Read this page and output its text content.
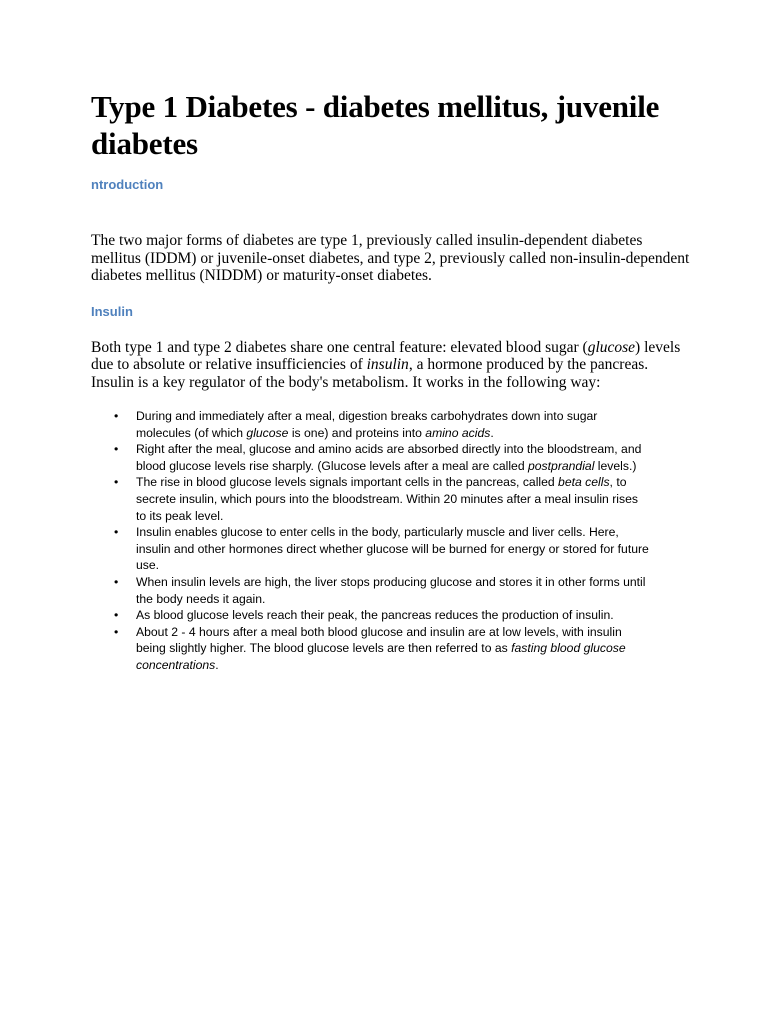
Type 1 Diabetes - diabetes mellitus, juvenile diabetes
ntroduction

The two major forms of diabetes are type 1, previously called insulin-dependent diabetes mellitus (IDDM) or juvenile-onset diabetes, and type 2, previously called non-insulin-dependent diabetes mellitus (NIDDM) or maturity-onset diabetes.

Insulin

Both type 1 and type 2 diabetes share one central feature: elevated blood sugar (glucose) levels due to absolute or relative insufficiencies of insulin, a hormone produced by the pancreas. Insulin is a key regulator of the body's metabolism. It works in the following way:

• During and immediately after a meal, digestion breaks carbohydrates down into sugar molecules (of which glucose is one) and proteins into amino acids.
• Right after the meal, glucose and amino acids are absorbed directly into the bloodstream, and blood glucose levels rise sharply. (Glucose levels after a meal are called postprandial levels.)
• The rise in blood glucose levels signals important cells in the pancreas, called beta cells, to secrete insulin, which pours into the bloodstream. Within 20 minutes after a meal insulin rises to its peak level.
• Insulin enables glucose to enter cells in the body, particularly muscle and liver cells. Here, insulin and other hormones direct whether glucose will be burned for energy or stored for future use.
• When insulin levels are high, the liver stops producing glucose and stores it in other forms until the body needs it again.
• As blood glucose levels reach their peak, the pancreas reduces the production of insulin.
• About 2 - 4 hours after a meal both blood glucose and insulin are at low levels, with insulin being slightly higher. The blood glucose levels are then referred to as fasting blood glucose concentrations.
